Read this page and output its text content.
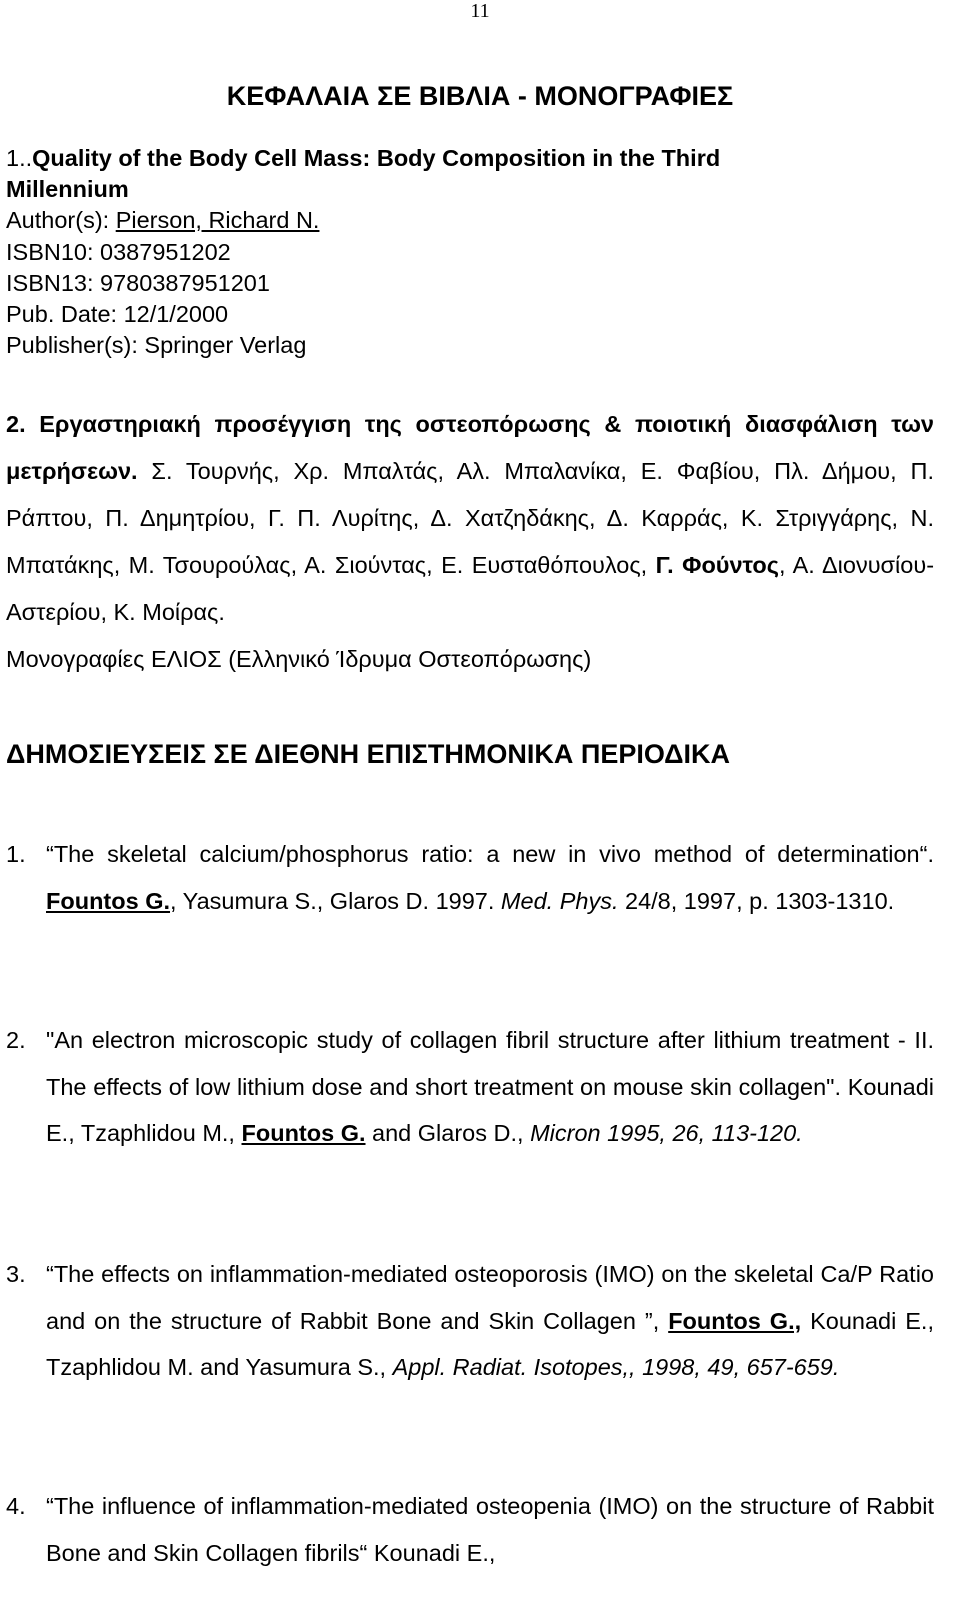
11
ΚΕΦΑΛΑΙΑ ΣΕ ΒΙΒΛΙΑ - ΜΟΝΟΓΡΑΦΙΕΣ
1..Quality of the Body Cell Mass: Body Composition in the Third
Millennium
Author(s): Pierson, Richard N.
ISBN10: 0387951202
ISBN13: 9780387951201
Pub. Date: 12/1/2000
Publisher(s): Springer Verlag
2. Εργαστηριακή προσέγγιση της οστεοπόρωσης & ποιοτική διασφάλιση των μετρήσεων. Σ. Τουρνής, Χρ. Μπαλτάς, Αλ. Μπαλανίκα, Ε. Φαβίου, Πλ. Δήμου, Π. Ράπτου, Π. Δημητρίου, Γ. Π. Λυρίτης, Δ. Χατζηδάκης, Δ. Καρράς, Κ. Στριγγάρης, Ν. Μπατάκης, Μ. Τσουρούλας, Α. Σιούντας, Ε. Ευσταθόπουλος, Γ. Φούντος, Α. Διονυσίου-Αστερίου, Κ. Μοίρας.
Μονογραφίες ΕΛΙΟΣ (Ελληνικό Ίδρυμα Οστεοπόρωσης)
ΔΗΜΟΣΙΕΥΣΕΙΣ ΣΕ ΔΙΕΘΝΗ ΕΠΙΣΤΗΜΟΝΙΚΑ ΠΕΡΙΟΔΙΚΑ
1. “The skeletal calcium/phosphorus ratio: a new in vivo method of determination“. Fountos G., Yasumura S., Glaros D. 1997. Med. Phys. 24/8, 1997, p. 1303-1310.
2. "An electron microscopic study of collagen fibril structure after lithium treatment - II. The effects of low lithium dose and short treatment on mouse skin collagen". Kounadi E., Tzaphlidou M., Fountos G. and Glaros D., Micron 1995, 26, 113-120.
3. “The effects on inflammation-mediated osteoporosis (IMO) on the skeletal Ca/P Ratio and on the structure of Rabbit Bone and Skin Collagen ”, Fountos G., Kounadi E., Tzaphlidou M. and Yasumura S., Appl. Radiat. Isotopes,, 1998, 49, 657-659.
4. “The influence of inflammation-mediated osteopenia (IMO) on the structure of Rabbit Bone and Skin Collagen fibrils“ Kounadi E.,
